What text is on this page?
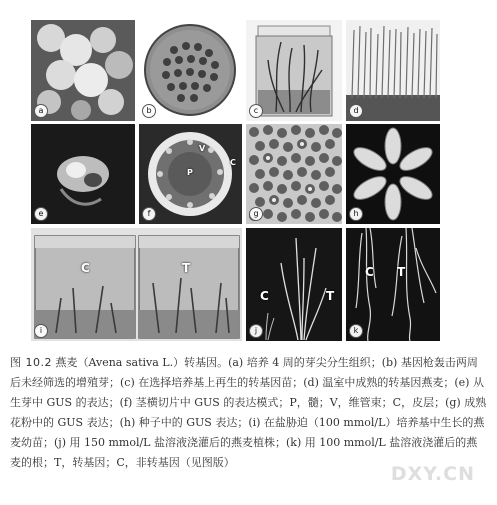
a	b	c	d
e
V
C
P
f	g	h
C	T
i
C	T
j
C T
k
图 10.2 燕麦（Avena sativa L.）转基因。(a) 培养 4 周的芽尖分生组织；(b) 基因枪轰击两周后未经筛选的增殖芽；(c) 在选择培养基上再生的转基因苗；(d) 温室中成熟的转基因燕麦；(e) 从生芽中 GUS 的表达；(f) 茎横切片中 GUS 的表达模式；P，髓；V，维管束；C，皮层；(g) 成熟花粉中的 GUS 表达；(h) 种子中的 GUS 表达；(i) 在盐胁迫（100 mmol/L）培养基中生长的燕麦幼苗；(j) 用 150 mmol/L 盐溶液浇灌后的燕麦植株；(k) 用 100 mmol/L 盐溶液浇灌后的燕麦的根；T，转基因；C，非转基因（见图版）
DXY.CN
